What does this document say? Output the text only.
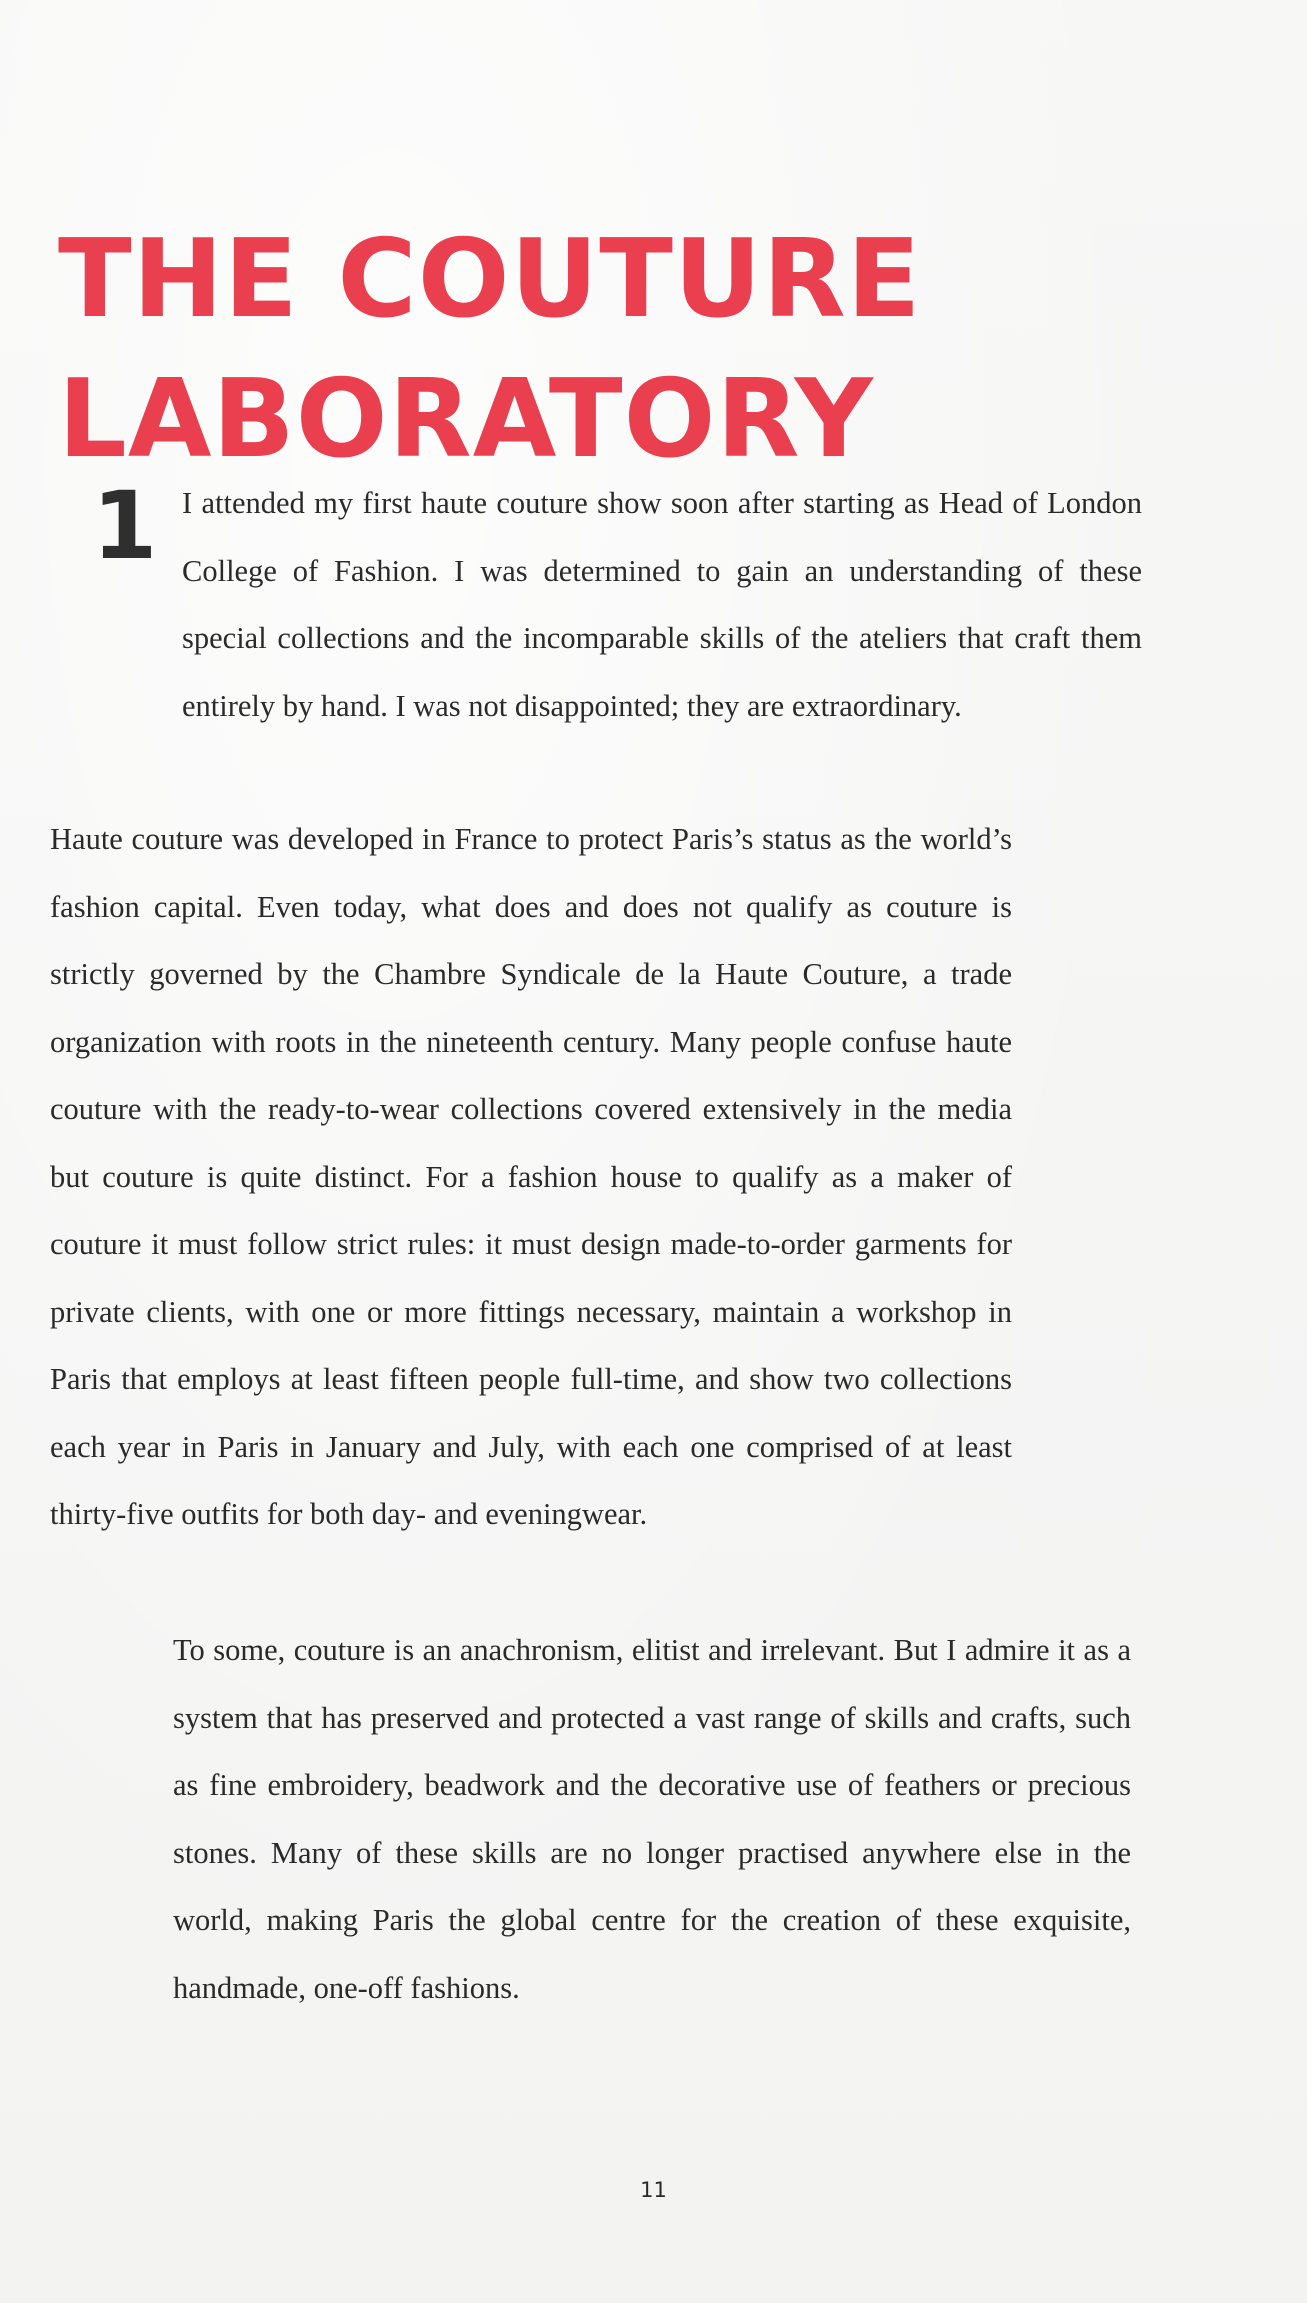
THE COUTURE
LABORATORY
1 I attended my first haute couture show soon after starting as Head of London College of Fashion. I was determined to gain an understanding of these special collections and the incomparable skills of the ateliers that craft them entirely by hand. I was not disappointed; they are extraordinary.

Haute couture was developed in France to protect Paris’s status as the world’s fashion capital. Even today, what does and does not qualify as couture is strictly governed by the Chambre Syndicale de la Haute Couture, a trade organization with roots in the nineteenth century. Many people confuse haute couture with the ready-to-wear collections covered extensively in the media but couture is quite distinct. For a fashion house to qualify as a maker of couture it must follow strict rules: it must design made-to-order garments for private clients, with one or more fittings necessary, maintain a workshop in Paris that employs at least fifteen people full-time, and show two collections each year in Paris in January and July, with each one comprised of at least thirty-five outfits for both day- and eveningwear.

To some, couture is an anachronism, elitist and irrelevant. But I admire it as a system that has preserved and protected a vast range of skills and crafts, such as fine embroidery, beadwork and the decorative use of feathers or precious stones. Many of these skills are no longer practised anywhere else in the world, making Paris the global centre for the creation of these exquisite, handmade, one-off fashions.

11
